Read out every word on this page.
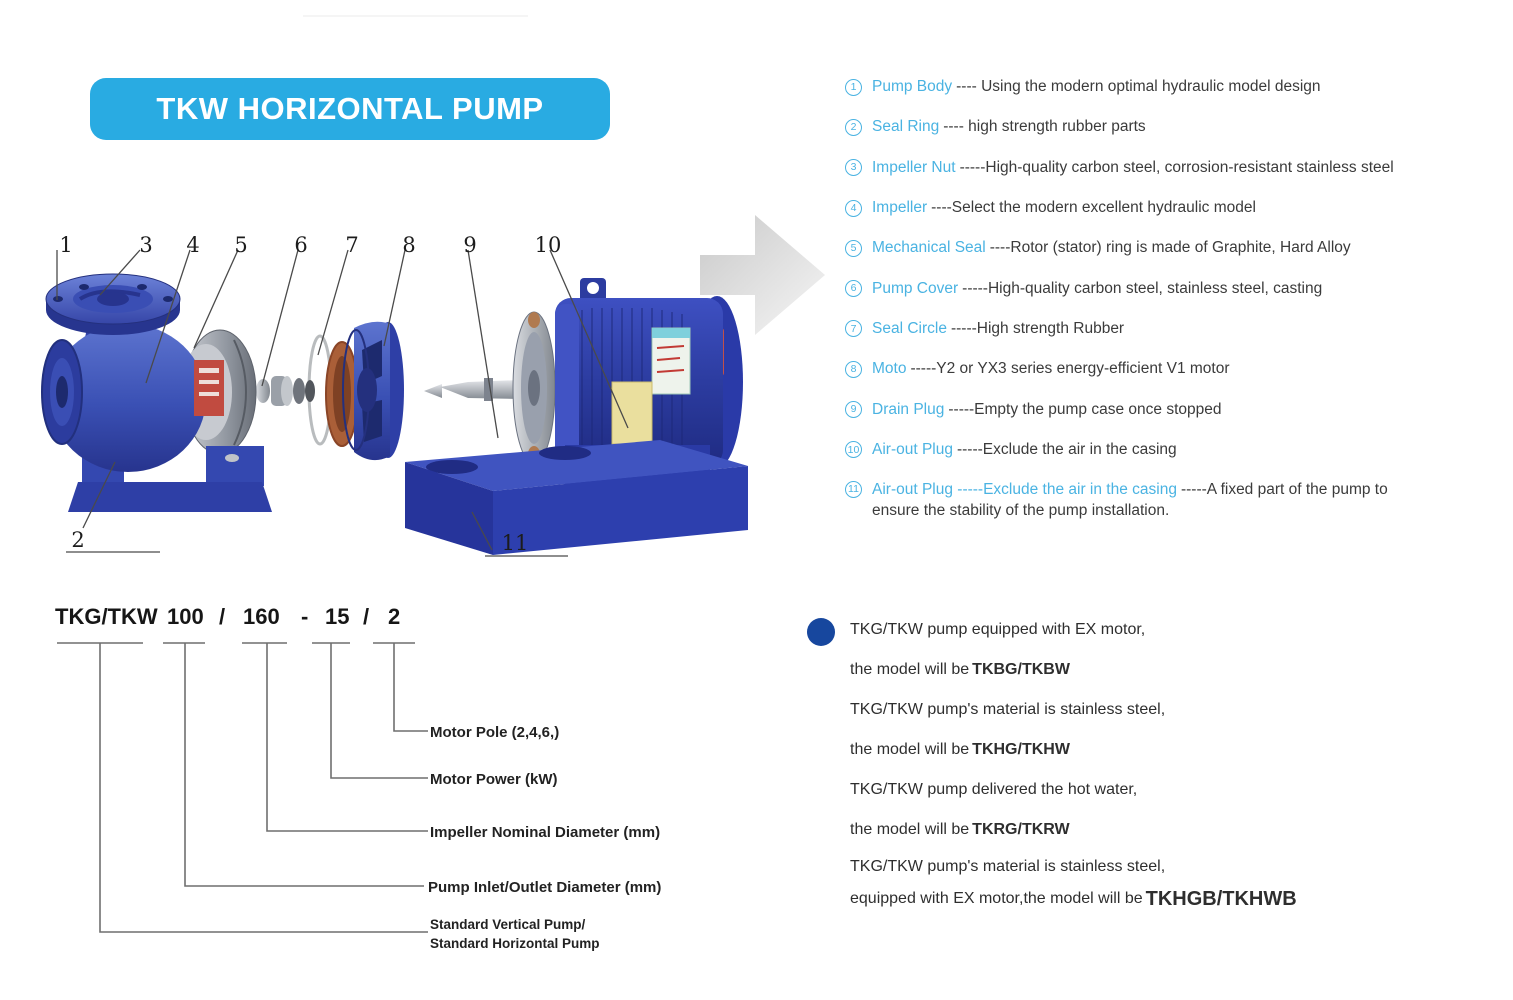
TKW HORIZONTAL PUMP
1	3 4 5 6 7 8 9	10
2	11
1	Pump Body ---- Using the modern optimal hydraulic model design
2	Seal Ring ---- high strength rubber parts
3	Impeller Nut -----High-quality carbon steel, corrosion-resistant stainless steel
4	Impeller ----Select the modern excellent hydraulic model
5	Mechanical Seal ----Rotor (stator) ring is made of Graphite, Hard Alloy
6	Pump Cover -----High-quality carbon steel, stainless steel, casting
7	Seal Circle -----High strength Rubber
8	Moto -----Y2 or YX3 series energy-efficient V1 motor
9	Drain Plug -----Empty the pump case once stopped
10 Air-out Plug -----Exclude the air in the casing
11 Air-out Plug -----Exclude the air in the casing -----A fixed part of the pump to
ensure the stability of the pump installation.
TKG/TKW 100 / 160 - 15 / 2
Motor Pole (2,4,6,)
Motor Power (kW)
Impeller Nominal Diameter (mm)
Pump Inlet/Outlet Diameter (mm)
Standard Vertical Pump/
Standard Horizontal Pump
TKG/TKW pump equipped with EX motor,
the model will be TKBG/TKBW
TKG/TKW pump's material is stainless steel,
the model will be TKHG/TKHW
TKG/TKW pump delivered the hot water,
the model will be TKRG/TKRW
TKG/TKW pump's material is stainless steel,
equipped with EX motor,the model will be TKHGB/TKHWB
